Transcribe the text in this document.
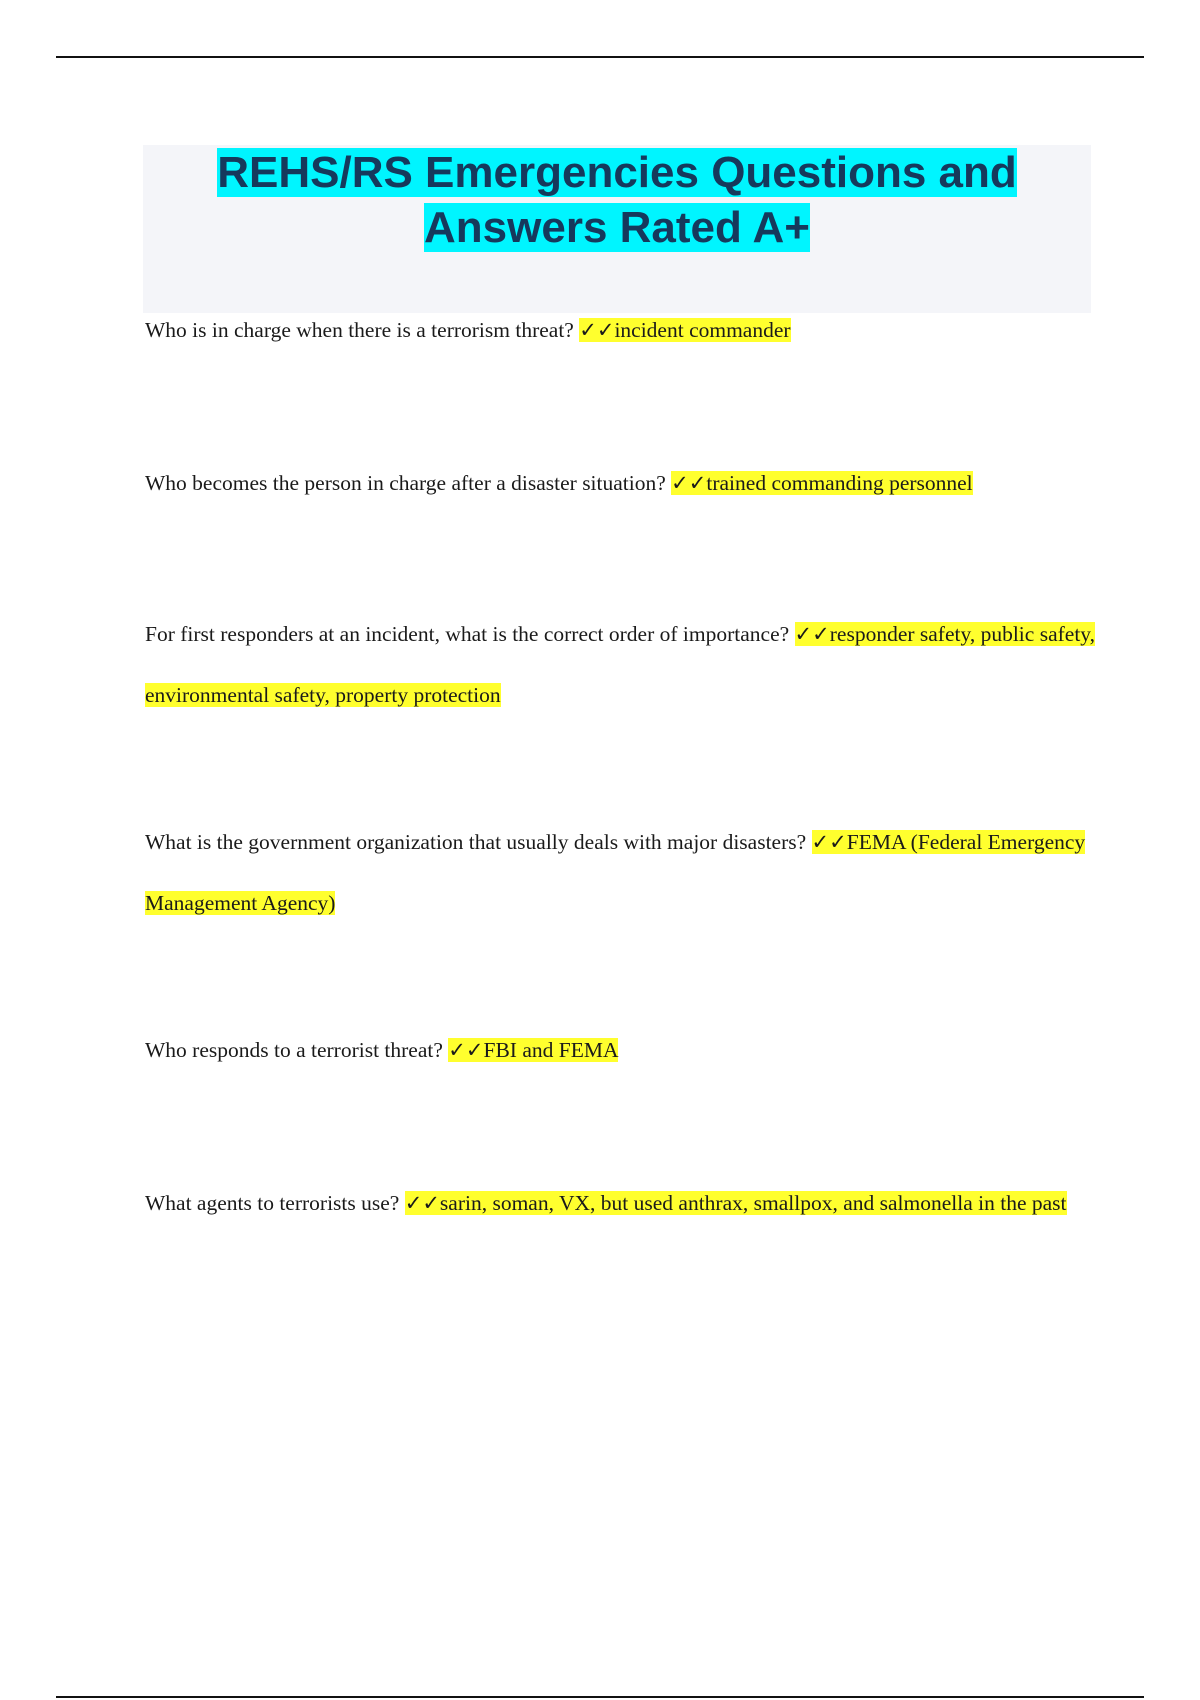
REHS/RS Emergencies Questions and Answers Rated A+
Who is in charge when there is a terrorism threat? ✓✓incident commander
Who becomes the person in charge after a disaster situation? ✓✓trained commanding personnel
For first responders at an incident, what is the correct order of importance? ✓✓responder safety, public safety, environmental safety, property protection
What is the government organization that usually deals with major disasters? ✓✓FEMA (Federal Emergency Management Agency)
Who responds to a terrorist threat? ✓✓FBI and FEMA
What agents to terrorists use? ✓✓sarin, soman, VX, but used anthrax, smallpox, and salmonella in the past
